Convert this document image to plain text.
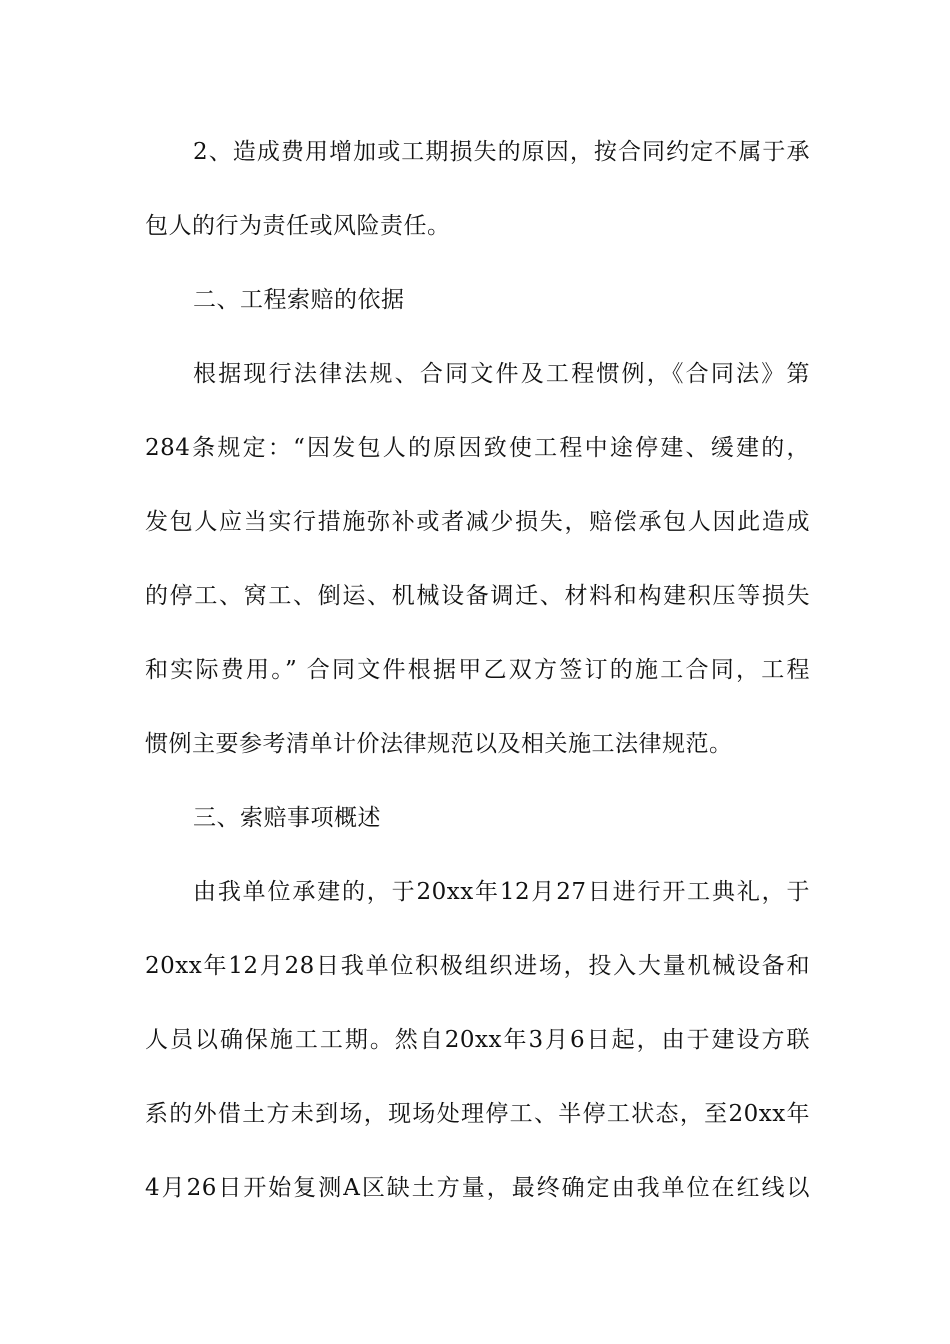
2、造成费用增加或工期损失的原因，按合同约定不属于承
包人的行为责任或风险责任。
二、工程索赔的依据
根据现行法律法规、合同文件及工程惯例，《合同法》第
284条规定：“因发包人的原因致使工程中途停建、缓建的，
发包人应当实行措施弥补或者减少损失，赔偿承包人因此造成
的停工、窝工、倒运、机械设备调迁、材料和构建积压等损失
和实际费用。” 合同文件根据甲乙双方签订的施工合同，工程
惯例主要参考清单计价法律规范以及相关施工法律规范。
三、索赔事项概述
由我单位承建的，于20xx年12月27日进行开工典礼，于
20xx年12月28日我单位积极组织进场，投入大量机械设备和
人员以确保施工工期。然自20xx年3月6日起，由于建设方联
系的外借土方未到场，现场处理停工、半停工状态，至20xx年
4月26日开始复测A区缺土方量，最终确定由我单位在红线以
